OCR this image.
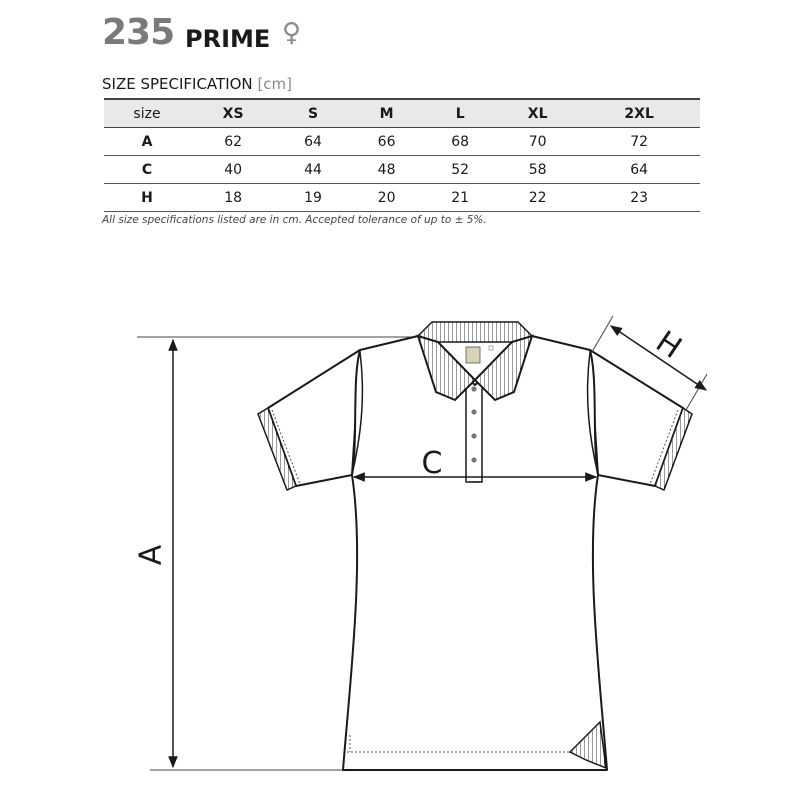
235 PRIME ♀
SIZE SPECIFICATION [cm]
size	XS	S	M	L	XL	2XL
A	62	64	66	68	70	72
C	40	44	48	52	58	64
H	18	19	20	21	22	23
All size specifications listed are in cm. Accepted tolerance of up to ± 5%.
A
C
H
